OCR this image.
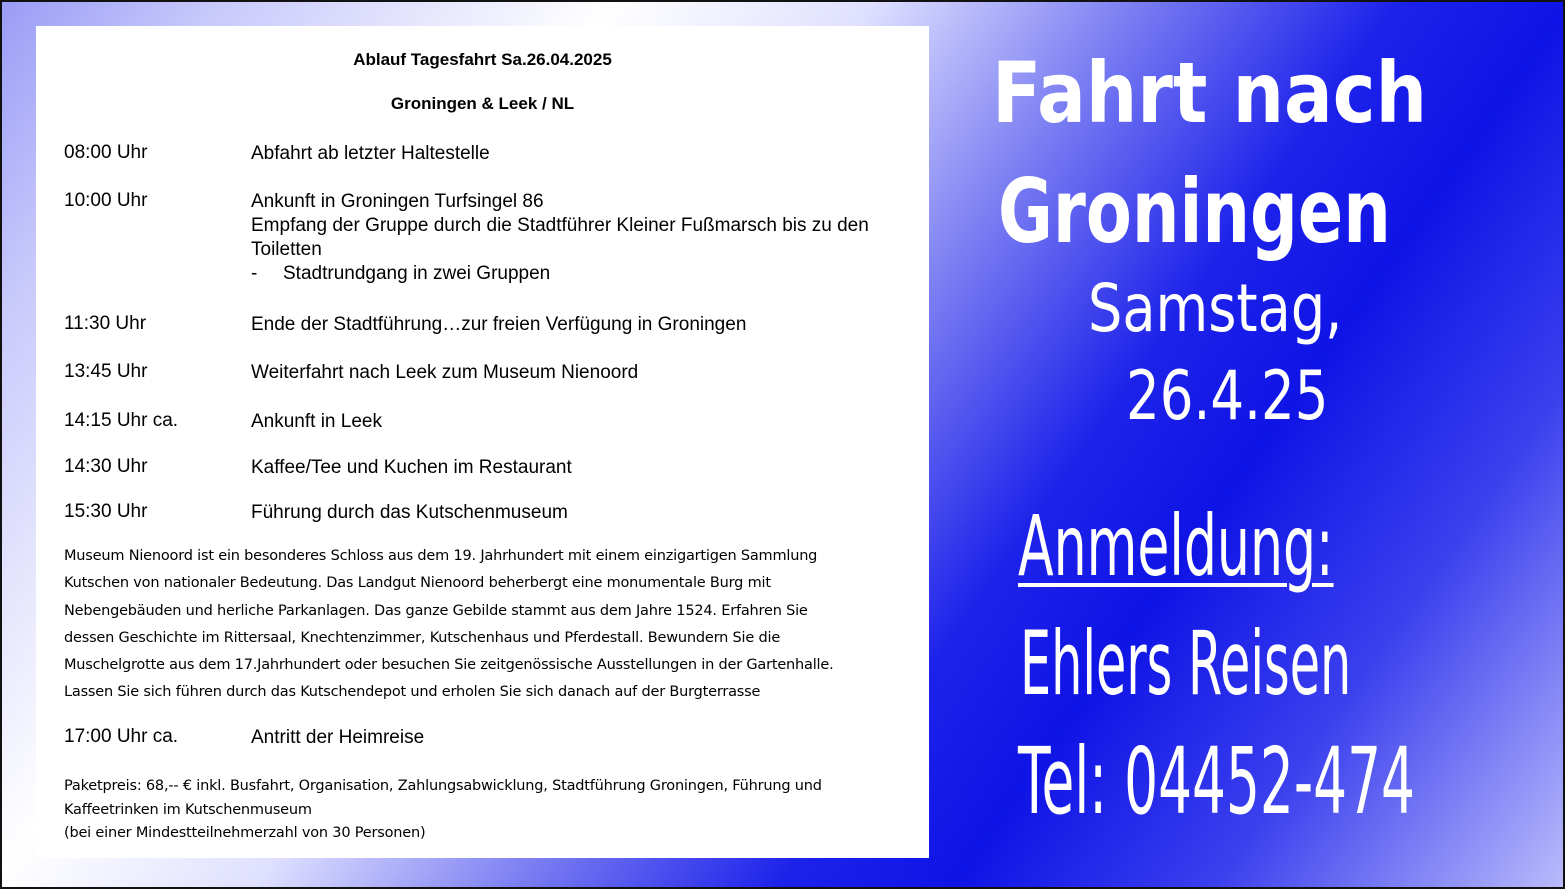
Ablauf Tagesfahrt Sa.26.04.2025
Groningen & Leek / NL
08:00 Uhr	Abfahrt ab letzter Haltestelle
10:00 Uhr	Ankunft in Groningen Turfsingel 86
Empfang der Gruppe durch die Stadtführer Kleiner Fußmarsch bis zu den Toiletten
- Stadtrundgang in zwei Gruppen
11:30 Uhr	Ende der Stadtführung…zur freien Verfügung in Groningen
13:45 Uhr	Weiterfahrt nach Leek zum Museum Nienoord
14:15 Uhr ca.	Ankunft in Leek
14:30 Uhr	Kaffee/Tee und Kuchen im Restaurant
15:30 Uhr	Führung durch das Kutschenmuseum
Museum Nienoord ist ein besonderes Schloss aus dem 19. Jahrhundert mit einem einzigartigen Sammlung
Kutschen von nationaler Bedeutung. Das Landgut Nienoord beherbergt eine monumentale Burg mit
Nebengebäuden und herliche Parkanlagen. Das ganze Gebilde stammt aus dem Jahre 1524. Erfahren Sie
dessen Geschichte im Rittersaal, Knechtenzimmer, Kutschenhaus und Pferdestall. Bewundern Sie die
Muschelgrotte aus dem 17.Jahrhundert oder besuchen Sie zeitgenössische Ausstellungen in der Gartenhalle.
Lassen Sie sich führen durch das Kutschendepot und erholen Sie sich danach auf der Burgterrasse
17:00 Uhr ca.	Antritt der Heimreise
Paketpreis: 68,-- € inkl. Busfahrt, Organisation, Zahlungsabwicklung, Stadtführung Groningen, Führung und
Kaffeetrinken im Kutschenmuseum
(bei einer Mindestteilnehmerzahl von 30 Personen)
Fahrt nach
Groningen
Samstag,
26.4.25
Anmeldung:
Ehlers Reisen
Tel: 04452-474
